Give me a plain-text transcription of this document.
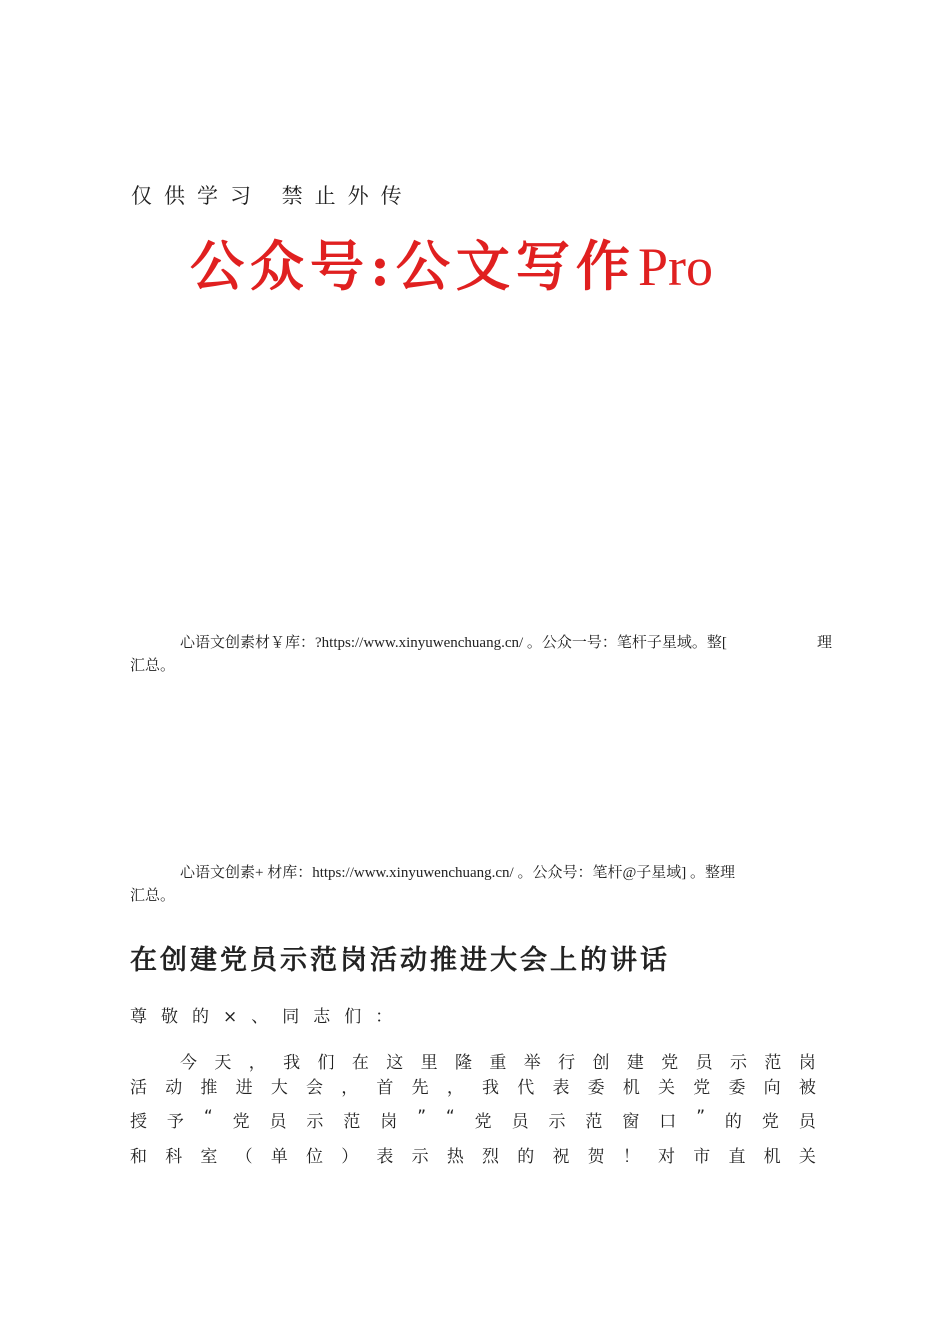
仅供学习 禁止外传
公众号:公文写作 Pro
心语文创素材￥库：?https://www.xinyuwenchuang.cn/ 。公众一号：笔杆子星域。整[	理
汇总。
心语文创素+ 材库：https://www.xinyuwenchuang.cn/ 。公众号：笔杆@子星域] 。整理
汇总。
在创建党员示范岗活动推进大会上的讲话
尊敬的×、同志们：
今 天 ， 我 们 在 这 里 隆 重 举 行 创 建 党 员 示 范 岗
活 动 推 进 大 会 ， 首 先 ， 我 代 表 委 机 关 党 委 向 被
授 予 “ 党 员 示 范 岗 ” “ 党 员 示 范 窗 口 ” 的 党 员
和 科 室 （ 单 位 ） 表 示 热 烈 的 祝 贺 ！ 对 市 直 机 关
